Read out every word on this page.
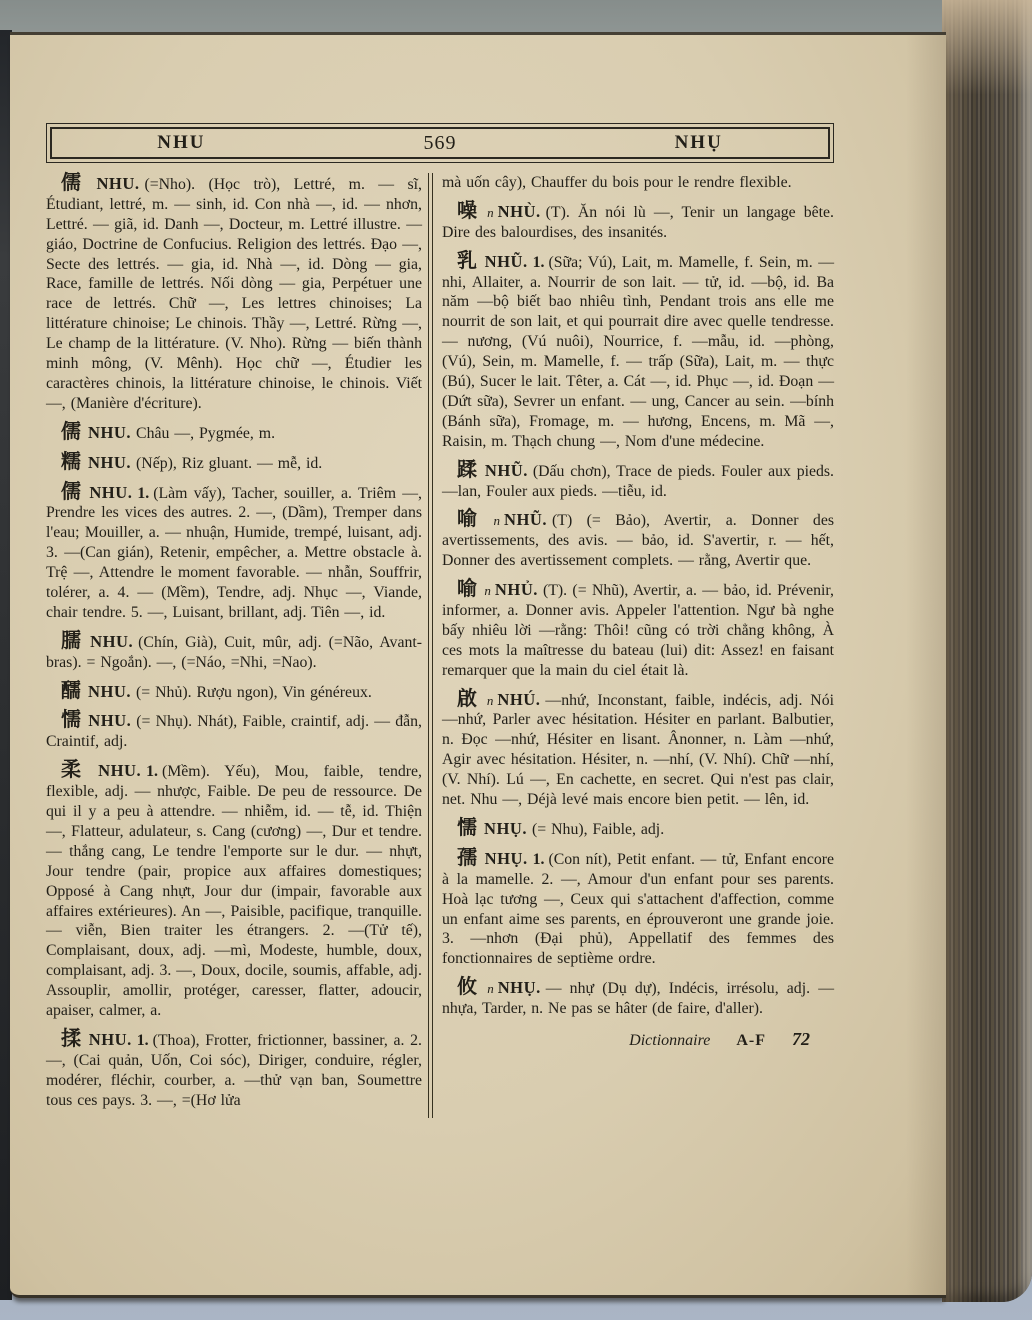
NHU	569	NHỤ

儒 NHU. (=Nho). (Học trò), Lettré, m. — sĩ, Étudiant, lettré, m. — sinh, id. Con nhà —, id. — nhơn, Lettré. — giã, id. Danh —, Docteur, m. Lettré illustre. —giáo, Doctrine de Confucius. Religion des lettrés. Đạo —, Secte des lettrés. — gia, id. Nhà —, id. Dòng — gia, Race, famille de lettrés. Nối dòng — gia, Perpétuer une race de lettrés. Chữ —, Les lettres chinoises; La littérature chinoise; Le chinois. Thầy —, Lettré. Rừng —, Le champ de la littérature. (V. Nho). Rừng — biến thành minh mông, (V. Mênh). Học chữ —, Étudier les caractères chinois, la littérature chinoise, le chinois. Viết —, (Manière d'écriture).

儒 NHU. Châu —, Pygmée, m.

糯 NHU. (Nếp), Riz gluant. — mễ, id.

儒 NHU. 1. (Làm vấy), Tacher, souiller, a. Triêm —, Prendre les vices des autres. 2. —, (Dầm), Tremper dans l'eau; Mouiller, a. — nhuận, Humide, trempé, luisant, adj. 3. —(Can gián), Retenir, empêcher, a. Mettre obstacle à. Trệ —, Attendre le moment favorable. — nhẫn, Souffrir, tolérer, a. 4. — (Mềm), Tendre, adj. Nhục —, Viande, chair tendre. 5. —, Luisant, brillant, adj. Tiên —, id.

臑 NHU. (Chín, Già), Cuit, mûr, adj. (=Não, Avant-bras). = Ngoắn). —, (=Náo, =Nhi, =Nao).

醹 NHU. (= Nhủ). Rượu ngon), Vin généreux.

懦 NHU. (= Nhụ). Nhát), Faible, craintif, adj. — đẫn, Craintif, adj.

柔 NHU. 1. (Mềm). Yếu), Mou, faible, tendre, flexible, adj. — nhược, Faible. De peu de ressource. De qui il y a peu à attendre. — nhiễm, id. — tễ, id. Thiện —, Flatteur, adulateur, s. Cang (cương) —, Dur et tendre. — thắng cang, Le tendre l'emporte sur le dur. — nhựt, Jour tendre (pair, propice aux affaires domestiques; Opposé à Cang nhựt, Jour dur (impair, favorable aux affaires extérieures). An —, Paisible, pacifique, tranquille. — viễn, Bien traiter les étrangers. 2. —(Tử tế), Complaisant, doux, adj. —mì, Modeste, humble, doux, complaisant, adj. 3. —, Doux, docile, soumis, affable, adj. Assouplir, amollir, protéger, caresser, flatter, adoucir, apaiser, calmer, a.

揉 NHU. 1. (Thoa), Frotter, frictionner, bassiner, a. 2. —, (Cai quản, Uốn, Coi sóc), Diriger, conduire, régler, modérer, fléchir, courber, a. —thử vạn ban, Soumettre tous ces pays. 3. —, =(Hơ lửa

mà uốn cây), Chauffer du bois pour le rendre flexible.

噪n NHÙ. (T). Ăn nói lù —, Tenir un langage bête. Dire des balourdises, des insanités.

乳 NHŨ. 1. (Sữa; Vú), Lait, m. Mamelle, f. Sein, m. —nhi, Allaiter, a. Nourrir de son lait. — tử, id. —bộ, id. Ba năm —bộ biết bao nhiêu tình, Pendant trois ans elle me nourrit de son lait, et qui pourrait dire avec quelle tendresse. — nương, (Vú nuôi), Nourrice, f. —mẫu, id. —phòng, (Vú), Sein, m. Mamelle, f. — trấp (Sữa), Lait, m. — thực (Bú), Sucer le lait. Têter, a. Cát —, id. Phục —, id. Đoạn — (Dứt sữa), Sevrer un enfant. — ung, Cancer au sein. —bính (Bánh sữa), Fromage, m. — hương, Encens, m. Mã —, Raisin, m. Thạch chung —, Nom d'une médecine.

蹂 NHŨ. (Dấu chơn), Trace de pieds. Fouler aux pieds. —lan, Fouler aux pieds. —tiễu, id.

喻n NHŨ. (T) (= Bảo), Avertir, a. Donner des avertissements, des avis. — bảo, id. S'avertir, r. — hết, Donner des avertissement complets. — rằng, Avertir que.

喻n NHỦ. (T). (= Nhũ), Avertir, a. — bảo, id. Prévenir, informer, a. Donner avis. Appeler l'attention. Ngư bà nghe bấy nhiêu lời —rằng: Thôi! cũng có trời chẳng không, À ces mots la maîtresse du bateau (lui) dit: Assez! en faisant remarquer que la main du ciel était là.

啟n NHÚ. —nhứ, Inconstant, faible, indécis, adj. Nói —nhứ, Parler avec hésitation. Hésiter en parlant. Balbutier, n. Đọc —nhứ, Hésiter en lisant. Ânonner, n. Làm —nhứ, Agir avec hésitation. Hésiter, n. —nhí, (V. Nhí). Chữ —nhí, (V. Nhí). Lú —, En cachette, en secret. Qui n'est pas clair, net. Nhu —, Déjà levé mais encore bien petit. — lên, id.

懦 NHỤ. (= Nhu), Faible, adj.

孺 NHỤ. 1. (Con nít), Petit enfant. — tử, Enfant encore à la mamelle. 2. —, Amour d'un enfant pour ses parents. Hoà lạc tương —, Ceux qui s'attachent d'affection, comme un enfant aime ses parents, en éprouveront une grande joie. 3. —nhơn (Đại phủ), Appellatif des femmes des fonctionnaires de septième ordre.

攸n NHỤ. — nhự (Dụ dự), Indécis, irrésolu, adj. — nhựa, Tarder, n. Ne pas se hâter (de faire, d'aller).

Dictionnaire A-F 72
